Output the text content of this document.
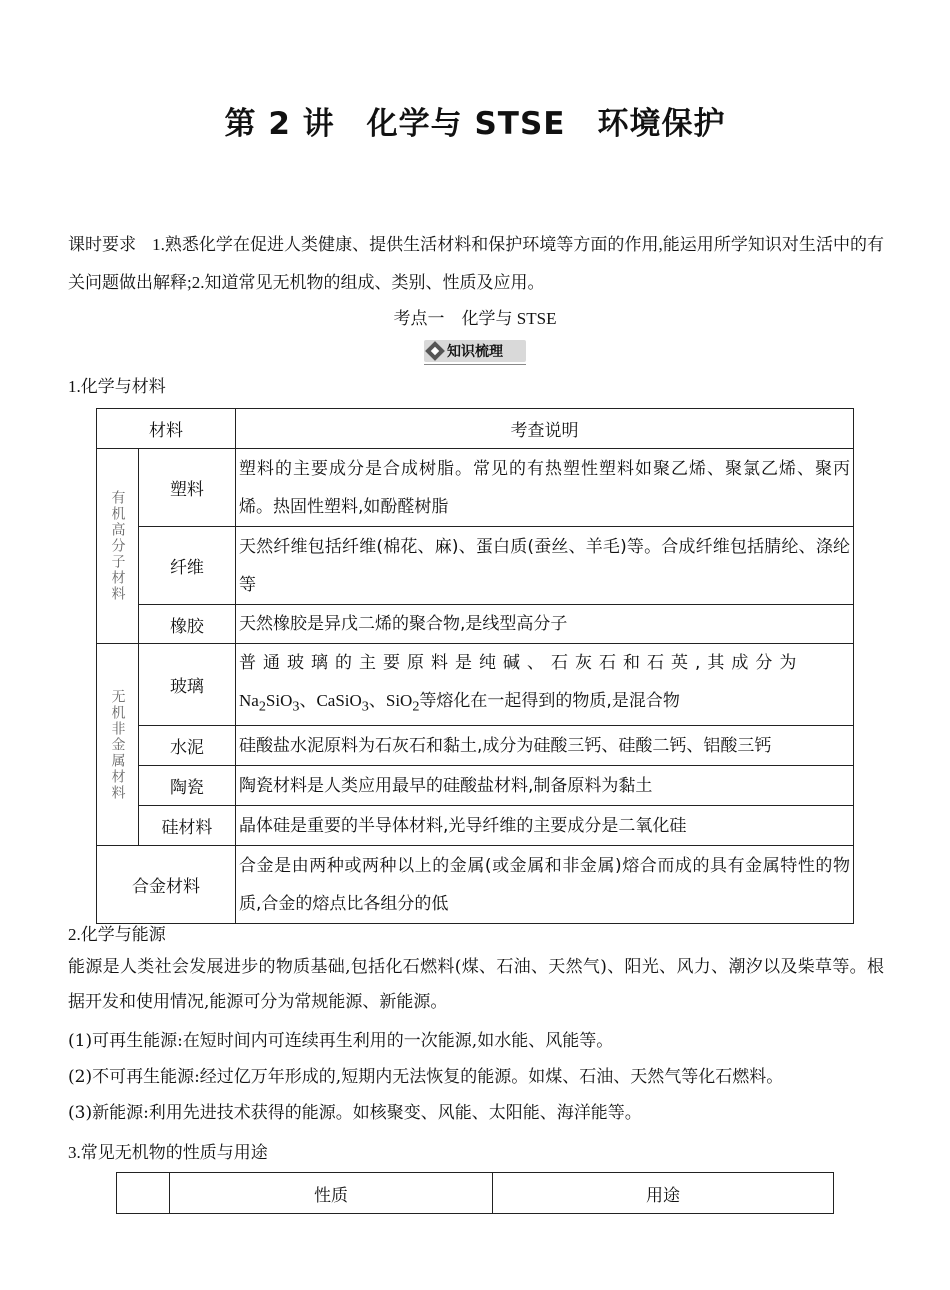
第 2 讲　化学与 STSE　环境保护
课时要求 1.熟悉化学在促进人类健康、提供生活材料和保护环境等方面的作用,能运用所学知识对生活中的有关问题做出解释;2.知道常见无机物的组成、类别、性质及应用。
考点一　化学与 STSE
知识梳理
1.化学与材料
材料		考查说明

有机高分子材料	塑料	塑料的主要成分是合成树脂。常见的有热塑性塑料如聚乙烯、聚氯乙烯、聚丙烯。热固性塑料,如酚醛树脂
	纤维	天然纤维包括纤维(棉花、麻)、蛋白质(蚕丝、羊毛)等。合成纤维包括腈纶、涤纶等
	橡胶	天然橡胶是异戊二烯的聚合物,是线型高分子

无机非金属材料	玻璃	普通玻璃的主要原料是纯碱、石灰石和石英,其成分为
$Na_2SiO_3$、CaSiO$_3$、SiO$_2$等熔化在一起得到的物质,是混合物
	水泥	硅酸盐水泥原料为石灰石和黏土,成分为硅酸三钙、硅酸二钙、铝酸三钙
	陶瓷	陶瓷材料是人类应用最早的硅酸盐材料,制备原料为黏土
	硅材料	晶体硅是重要的半导体材料,光导纤维的主要成分是二氧化硅
合金材料		合金是由两种或两种以上的金属(或金属和非金属)熔合而成的具有金属特性的物质,合金的熔点比各组分的低
2.化学与能源
能源是人类社会发展进步的物质基础,包括化石燃料(煤、石油、天然气)、阳光、风力、潮汐以及柴草等。根据开发和使用情况,能源可分为常规能源、新能源。
(1)可再生能源:在短时间内可连续再生利用的一次能源,如水能、风能等。
(2)不可再生能源:经过亿万年形成的,短期内无法恢复的能源。如煤、石油、天然气等化石燃料。
(3)新能源:利用先进技术获得的能源。如核聚变、风能、太阳能、海洋能等。
3.常见无机物的性质与用途
	性质	用途
